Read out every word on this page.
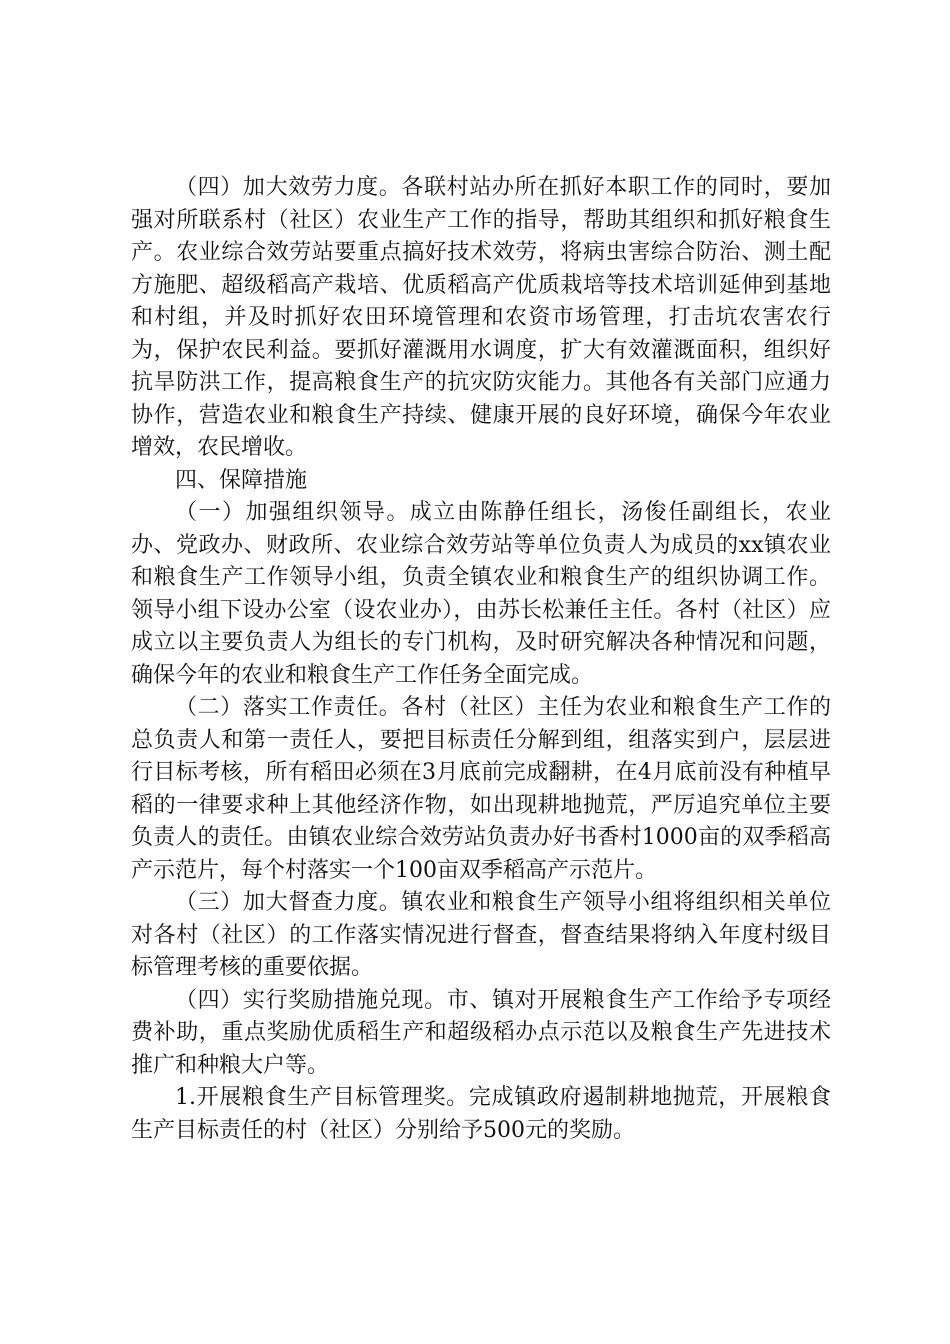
（四）加大效劳力度。各联村站办所在抓好本职工作的同时，要加强对所联系村（社区）农业生产工作的指导，帮助其组织和抓好粮食生产。农业综合效劳站要重点搞好技术效劳，将病虫害综合防治、测土配方施肥、超级稻高产栽培、优质稻高产优质栽培等技术培训延伸到基地和村组，并及时抓好农田环境管理和农资市场管理，打击坑农害农行为，保护农民利益。要抓好灌溉用水调度，扩大有效灌溉面积，组织好抗旱防洪工作，提高粮食生产的抗灾防灾能力。其他各有关部门应通力协作，营造农业和粮食生产持续、健康开展的良好环境，确保今年农业增效，农民增收。

四、保障措施

（一）加强组织领导。成立由陈静任组长，汤俊任副组长，农业办、党政办、财政所、农业综合效劳站等单位负责人为成员的xx镇农业和粮食生产工作领导小组，负责全镇农业和粮食生产的组织协调工作。领导小组下设办公室（设农业办），由苏长松兼任主任。各村（社区）应成立以主要负责人为组长的专门机构，及时研究解决各种情况和问题，确保今年的农业和粮食生产工作任务全面完成。

（二）落实工作责任。各村（社区）主任为农业和粮食生产工作的总负责人和第一责任人，要把目标责任分解到组，组落实到户，层层进行目标考核，所有稻田必须在3月底前完成翻耕，在4月底前没有种植早稻的一律要求种上其他经济作物，如出现耕地抛荒，严厉追究单位主要负责人的责任。由镇农业综合效劳站负责办好书香村1000亩的双季稻高产示范片，每个村落实一个100亩双季稻高产示范片。

（三）加大督查力度。镇农业和粮食生产领导小组将组织相关单位对各村（社区）的工作落实情况进行督查，督查结果将纳入年度村级目标管理考核的重要依据。

（四）实行奖励措施兑现。市、镇对开展粮食生产工作给予专项经费补助，重点奖励优质稻生产和超级稻办点示范以及粮食生产先进技术推广和种粮大户等。

1.开展粮食生产目标管理奖。完成镇政府遏制耕地抛荒，开展粮食生产目标责任的村（社区）分别给予500元的奖励。
